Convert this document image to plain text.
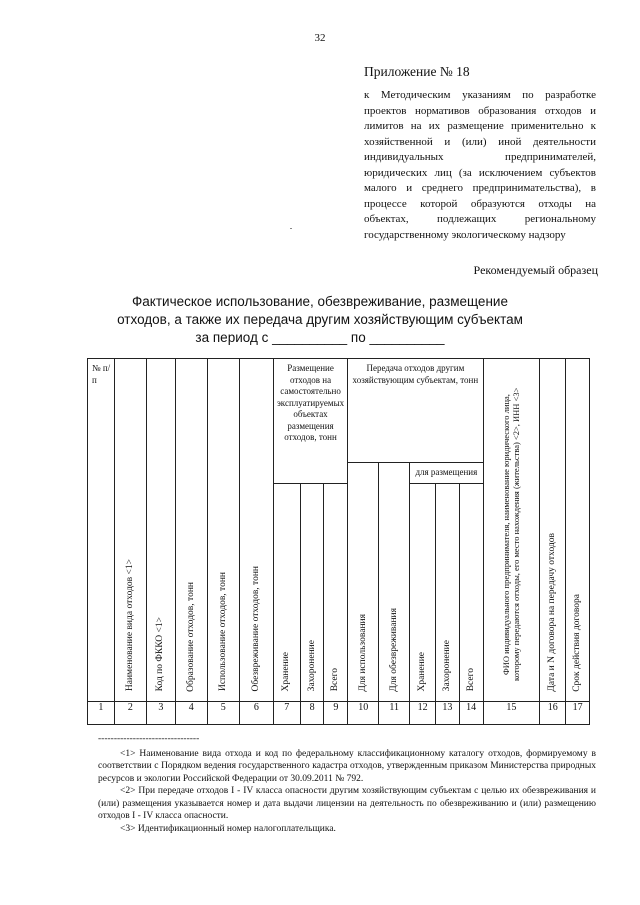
32
Приложение № 18
к Методическим указаниям по разработке проектов нормативов образования отходов и лимитов на их размещение применительно к хозяйственной и (или) иной деятельности индивидуальных предпринимателей, юридических лиц (за исключением субъектов малого и среднего предпринимательства), в процессе которой образуются отходы на объектах, подлежащих региональному государственному экологическому надзору
Рекомендуемый образец
Фактическое использование, обезвреживание, размещение
отходов, а также их передача другим хозяйствующим субъектам
за период с __________ по __________
№ п/п	Наименование вида отходов <1>	Код по ФККО <1>	Образование отходов, тонн	Использование отходов, тонн	Обезвреживание отходов, тонн	Размещение отходов на самостоятельно эксплуатируемых объектах размещения отходов, тонн			Передача отходов другим хозяйствующим субъектам, тонн					ФИО индивидуального предпринимателя, наименование юридического лица, которому передаются отходы, его место нахождения (жительства) <2>, ИНН <3>	Дата и N договора на передачу отходов	Срок действия договора
									Для использования	Для обезвреживания	для размещения					
						Хранение	Захоронение	Всего			Хранение	Захоронение	Всего			
1	2	3	4	5	6	7	8	9	10	11	12	13	14	15	16	17
--------------------------------

<1> Наименование вида отхода и код по федеральному классификационному каталогу отходов, формируемому в соответствии с Порядком ведения государственного кадастра отходов, утвержденным приказом Министерства природных ресурсов и экологии Российской Федерации от 30.09.2011 № 792.

<2> При передаче отходов I - IV класса опасности другим хозяйствующим субъектам с целью их обезвреживания и (или) размещения указывается номер и дата выдачи лицензии на деятельность по обезвреживанию и (или) размещению отходов I - IV класса опасности.

<3> Идентификационный номер налогоплательщика.
